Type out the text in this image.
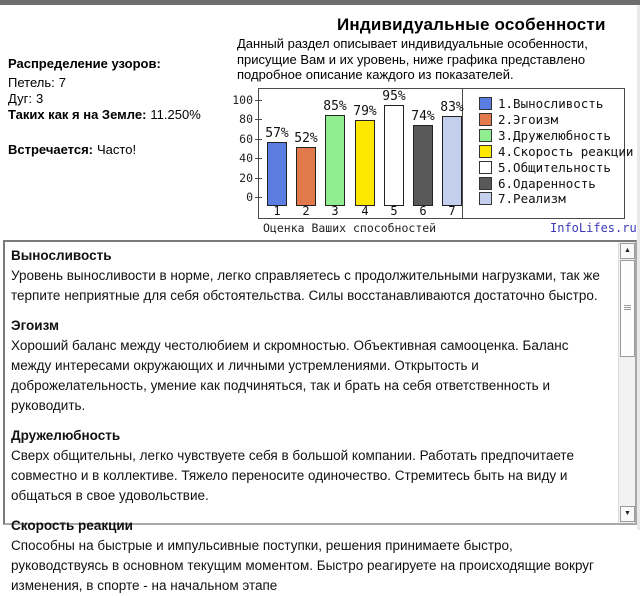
Распределение узоров:
Петель: 7
Дуг: 3
Таких как я на Земле: 11.250%
Встречается: Часто!
Индивидуальные особенности

Данный раздел описывает индивидуальные особенности, присущие Вам и их уровень, ниже графика представлено подробное описание каждого из показателей.

0
20
40
60
80
100
57%
1
52%
2
85%
3
79%
4
95%
5
74%
6
83%
7
1.Выносливость
2.Эгоизм
3.Дружелюбность
4.Скорость реакции
5.Общительность
6.Одаренность
7.Реализм
Оценка Ваших способностей	InfoLifes.ru
Выносливость

Уровень выносливости в норме, легко справляетесь с продолжительными нагрузками, так же терпите неприятные для себя обстоятельства. Силы восстанавливаются достаточно быстро.

Эгоизм

Хороший баланс между честолюбием и скромностью. Объективная самооценка. Баланс между интересами окружающих и личными устремлениями. Открытость и доброжелательность, умение как подчиняться, так и брать на себя ответственность и руководить.

Дружелюбность

Сверх общительны, легко чувствуете себя в большой компании. Работать предпочитаете совместно и в коллективе. Тяжело переносите одиночество. Стремитесь быть на виду и общаться в свое удовольствие.

Скорость реакции

Способны на быстрые и импульсивные поступки, решения принимаете быстро, руководствуясь в основном текущим моментом. Быстро реагируете на происходящие вокруг изменения, в спорте - на начальном этапе

▲
▼
